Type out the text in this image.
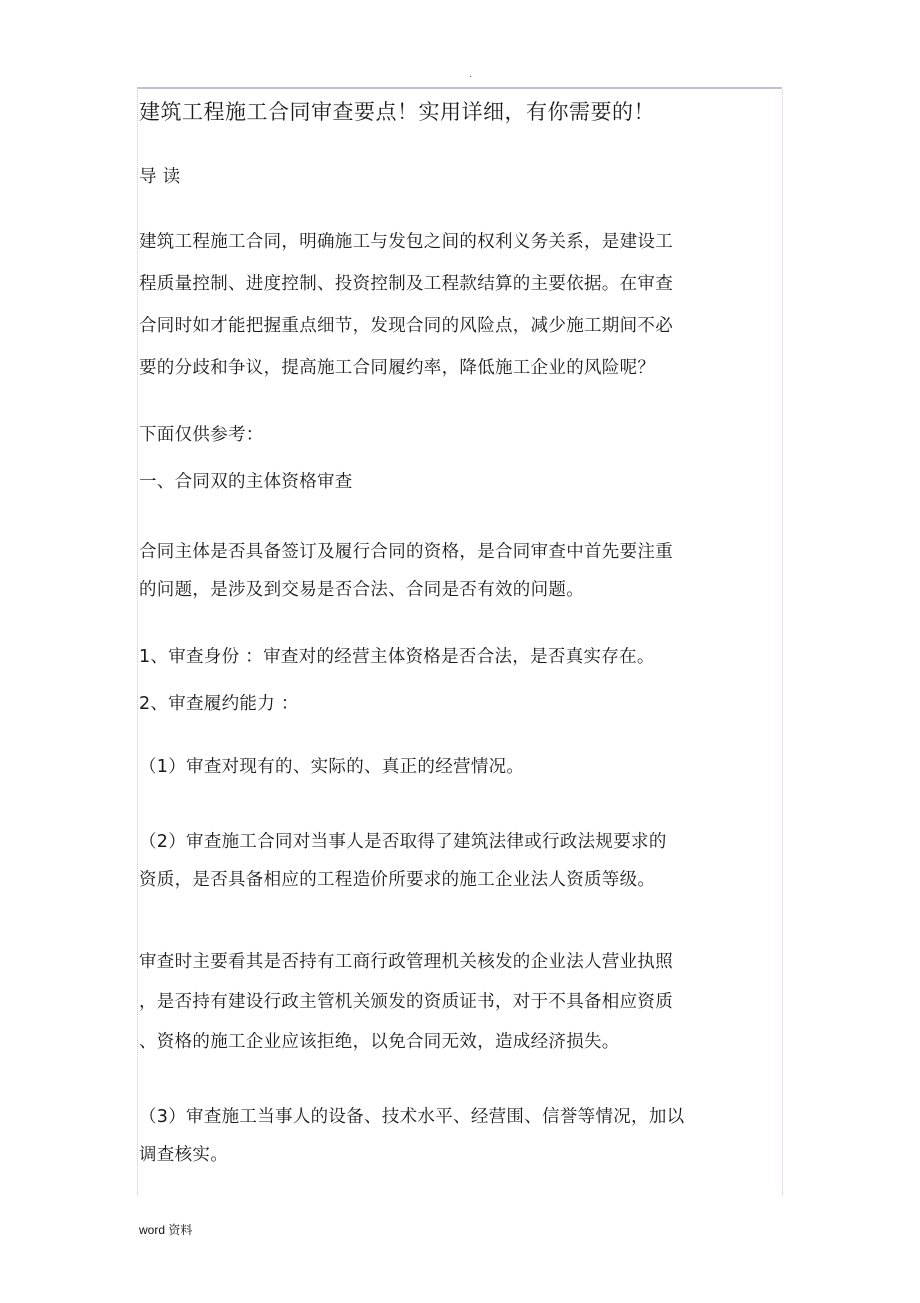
.
建筑工程施工合同审查要点！实用详细，有你需要的！
导 读
建筑工程施工合同，明确施工与发包之间的权利义务关系，是建设工
程质量控制、进度控制、投资控制及工程款结算的主要依据。在审查
合同时如才能把握重点细节，发现合同的风险点，减少施工期间不必
要的分歧和争议，提高施工合同履约率，降低施工企业的风险呢？
下面仅供参考：
一、合同双的主体资格审查
合同主体是否具备签订及履行合同的资格，是合同审查中首先要注重
的问题，是涉及到交易是否合法、合同是否有效的问题。
1、审查身份 ：审查对的经营主体资格是否合法，是否真实存在。
2、审查履约能力 ：
（1）审查对现有的、实际的、真正的经营情况。
（2）审查施工合同对当事人是否取得了建筑法律或行政法规要求的
资质，是否具备相应的工程造价所要求的施工企业法人资质等级。
审查时主要看其是否持有工商行政管理机关核发的企业法人营业执照
，是否持有建设行政主管机关颁发的资质证书，对于不具备相应资质
、资格的施工企业应该拒绝，以免合同无效，造成经济损失。
（3）审查施工当事人的设备、技术水平、经营围、信誉等情况，加以
调查核实。
word 资料
